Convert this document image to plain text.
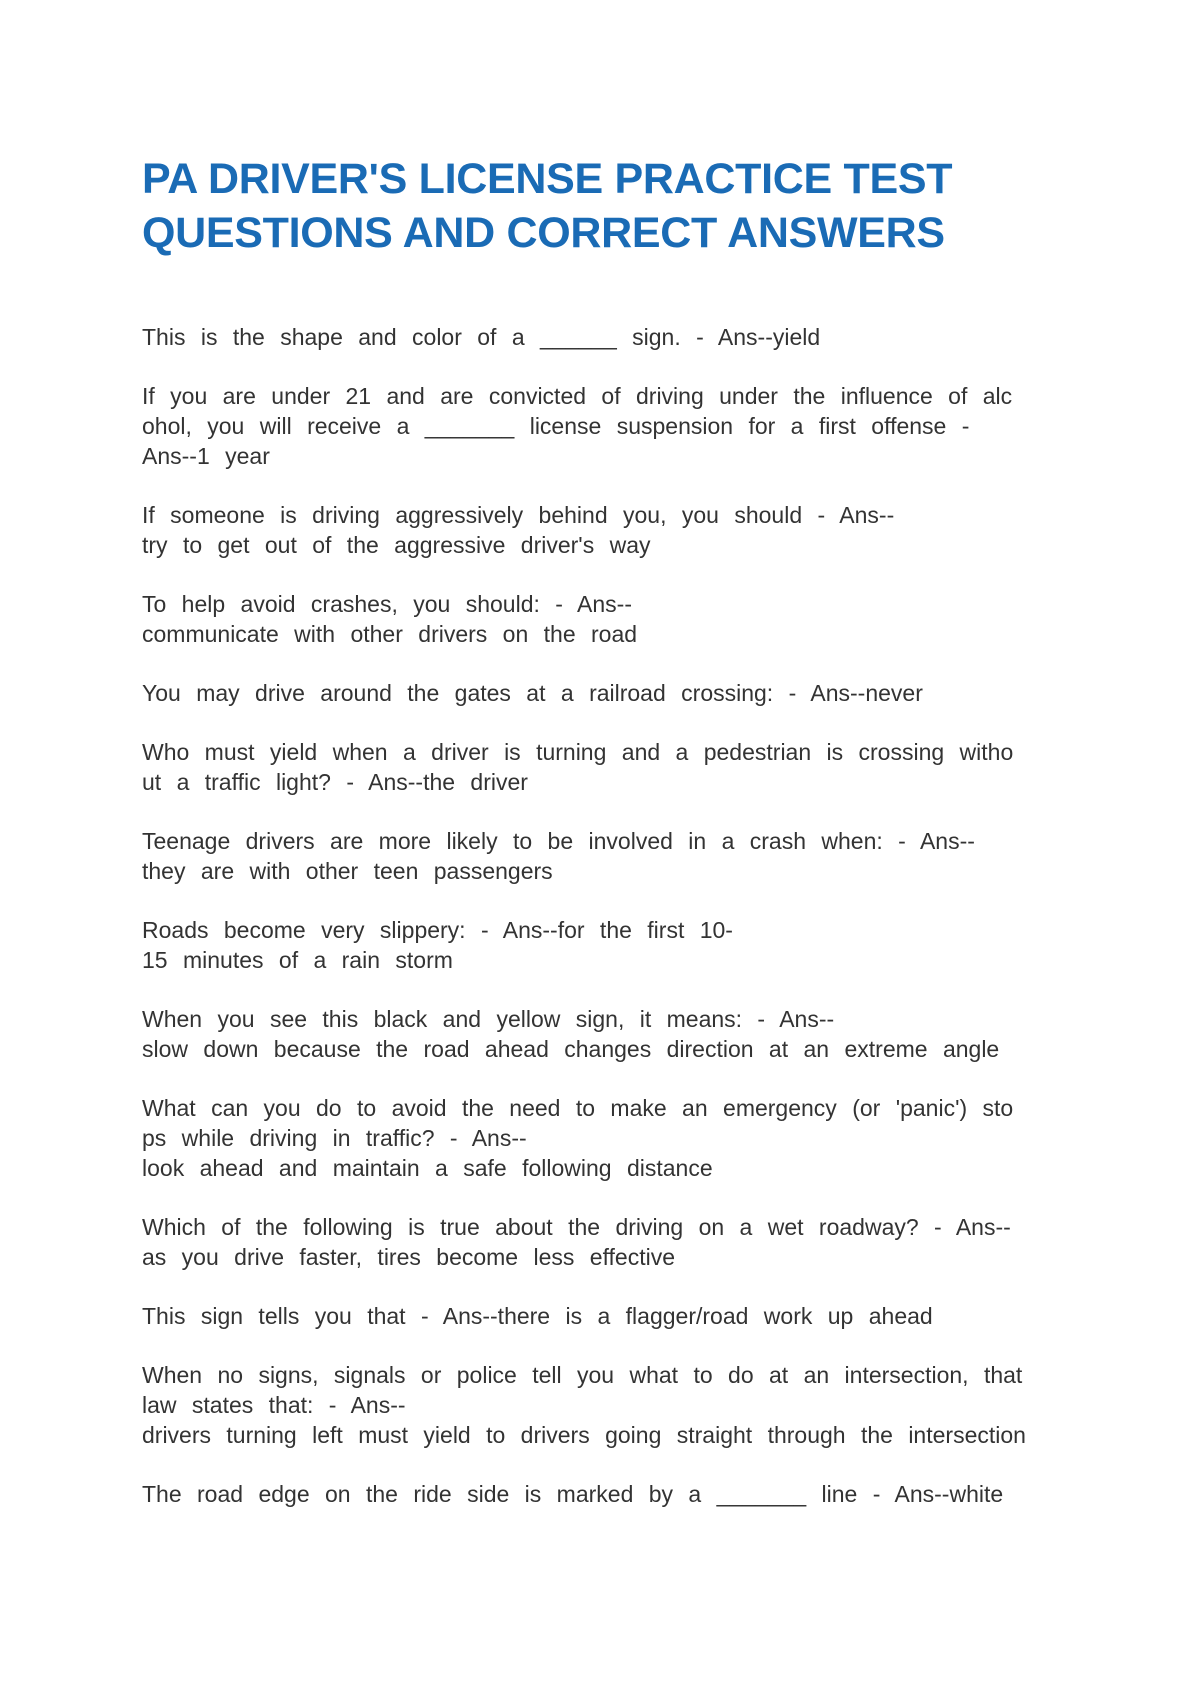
PA DRIVER'S LICENSE PRACTICE TEST
QUESTIONS AND CORRECT ANSWERS

This is the shape and color of a ______ sign. - Ans--yield

If you are under 21 and are convicted of driving under the influence of alc
ohol, you will receive a _______ license suspension for a first offense -
Ans--1 year

If someone is driving aggressively behind you, you should - Ans--
try to get out of the aggressive driver's way

To help avoid crashes, you should: - Ans--
communicate with other drivers on the road

You may drive around the gates at a railroad crossing: - Ans--never

Who must yield when a driver is turning and a pedestrian is crossing witho
ut a traffic light? - Ans--the driver

Teenage drivers are more likely to be involved in a crash when: - Ans--
they are with other teen passengers

Roads become very slippery: - Ans--for the first 10-
15 minutes of a rain storm

When you see this black and yellow sign, it means: - Ans--
slow down because the road ahead changes direction at an extreme angle

What can you do to avoid the need to make an emergency (or 'panic') sto
ps while driving in traffic? - Ans--
look ahead and maintain a safe following distance

Which of the following is true about the driving on a wet roadway? - Ans--
as you drive faster, tires become less effective

This sign tells you that - Ans--there is a flagger/road work up ahead

When no signs, signals or police tell you what to do at an intersection, that
law states that: - Ans--
drivers turning left must yield to drivers going straight through the intersection

The road edge on the ride side is marked by a _______ line - Ans--white
